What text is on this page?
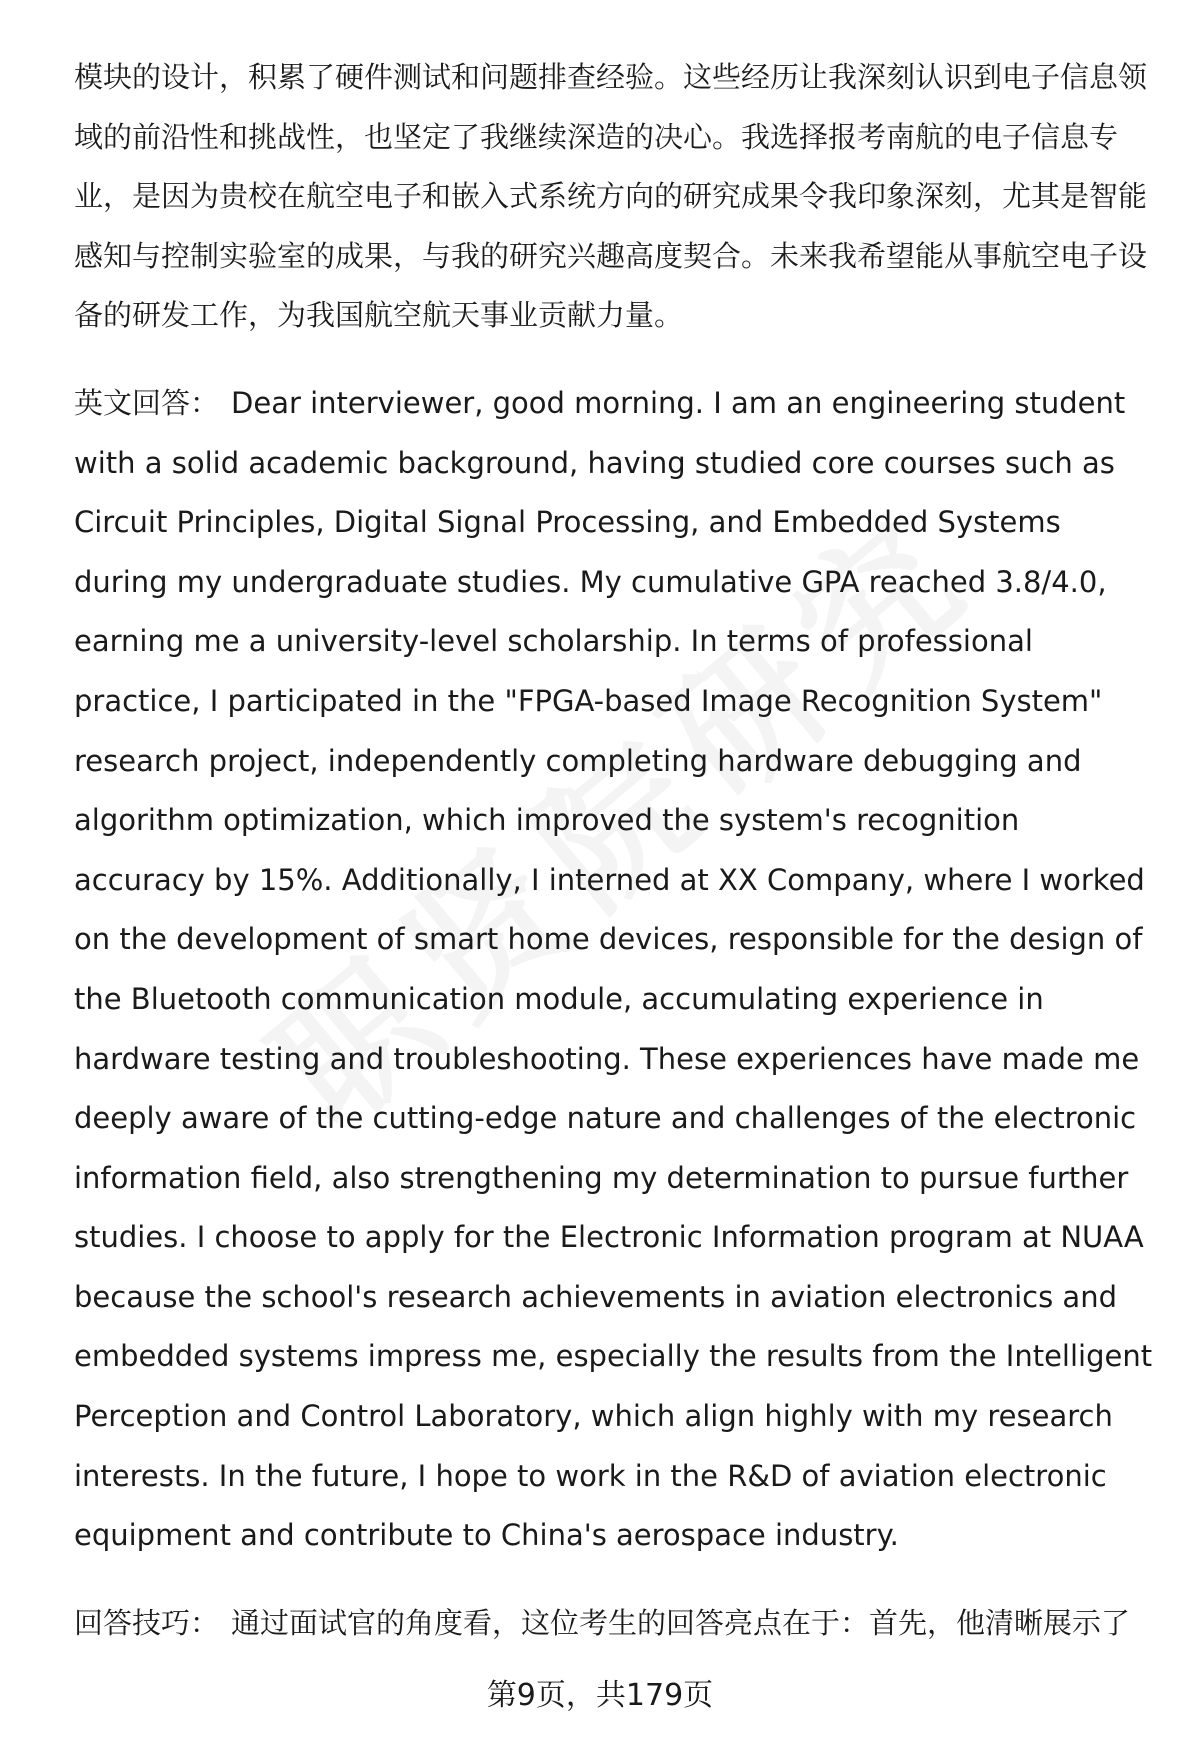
模块的设计，积累了硬件测试和问题排查经验。这些经历让我深刻认识到电子信息领域的前沿性和挑战性，也坚定了我继续深造的决心。我选择报考南航的电子信息专业，是因为贵校在航空电子和嵌入式系统方向的研究成果令我印象深刻，尤其是智能感知与控制实验室的成果，与我的研究兴趣高度契合。未来我希望能从事航空电子设备的研发工作，为我国航空航天事业贡献力量。

英文回答： Dear interviewer, good morning. I am an engineering student with a solid academic background, having studied core courses such as Circuit Principles, Digital Signal Processing, and Embedded Systems during my undergraduate studies. My cumulative GPA reached 3.8/4.0, earning me a university-level scholarship. In terms of professional practice, I participated in the "FPGA-based Image Recognition System" research project, independently completing hardware debugging and algorithm optimization, which improved the system's recognition accuracy by 15%. Additionally, I interned at XX Company, where I worked on the development of smart home devices, responsible for the design of the Bluetooth communication module, accumulating experience in hardware testing and troubleshooting. These experiences have made me deeply aware of the cutting-edge nature and challenges of the electronic information field, also strengthening my determination to pursue further studies. I choose to apply for the Electronic Information program at NUAA because the school's research achievements in aviation electronics and embedded systems impress me, especially the results from the Intelligent Perception and Control Laboratory, which align highly with my research interests. In the future, I hope to work in the R&D of aviation electronic equipment and contribute to China's aerospace industry.

回答技巧： 通过面试官的角度看，这位考生的回答亮点在于：首先，他清晰展示了

第9页，共179页
